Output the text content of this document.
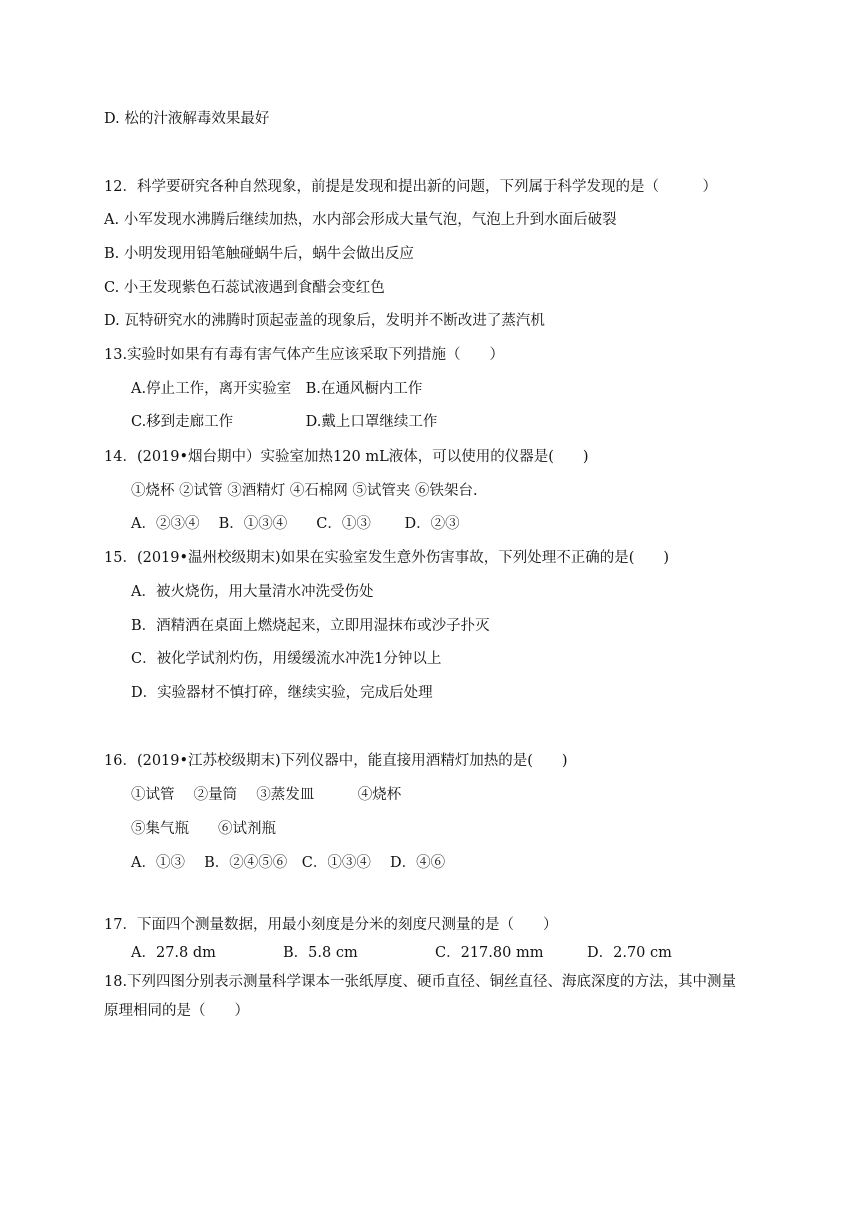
D. 松的汁液解毒效果最好
12．科学要研究各种自然现象，前提是发现和提出新的问题，下列属于科学发现的是（　　　）
A. 小军发现水沸腾后继续加热，水内部会形成大量气泡，气泡上升到水面后破裂
B. 小明发现用铅笔触碰蜗牛后，蜗牛会做出反应
C. 小王发现紫色石蕊试液遇到食醋会变红色
D. 瓦特研究水的沸腾时顶起壶盖的现象后，发明并不断改进了蒸汽机
13.实验时如果有有毒有害气体产生应该采取下列措施（　　）
A.停止工作，离开实验室　B.在通风橱内工作
C.移到走廊工作　　　　　D.戴上口罩继续工作
14．(2019•烟台期中）实验室加热120 mL液体，可以使用的仪器是(　　)
①烧杯 ②试管 ③酒精灯 ④石棉网 ⑤试管夹 ⑥铁架台.
A．②③④　 B．①③④　　C．①③　　 D．②③
15．(2019•温州校级期末)如果在实验室发生意外伤害事故，下列处理不正确的是(　　)
A．被火烧伤，用大量清水冲洗受伤处
B．酒精洒在桌面上燃烧起来，立即用湿抹布或沙子扑灭
C．被化学试剂灼伤，用缓缓流水冲洗1分钟以上
D．实验器材不慎打碎，继续实验，完成后处理
16．(2019•江苏校级期末)下列仪器中，能直接用酒精灯加热的是(　　)
①试管　 ②量筒　 ③蒸发皿　　　④烧杯
⑤集气瓶　　⑥试剂瓶
A．①③　 B．②④⑤⑥　C．①③④　 D．④⑥
17．下面四个测量数据，用最小刻度是分米的刻度尺测量的是（　　）
A．27.8 dm	B．5.8 cm	C．217.80 mm	D．2.70 cm
18.下列四图分别表示测量科学课本一张纸厚度、硬币直径、铜丝直径、海底深度的方法，其中测量
原理相同的是（　　）
